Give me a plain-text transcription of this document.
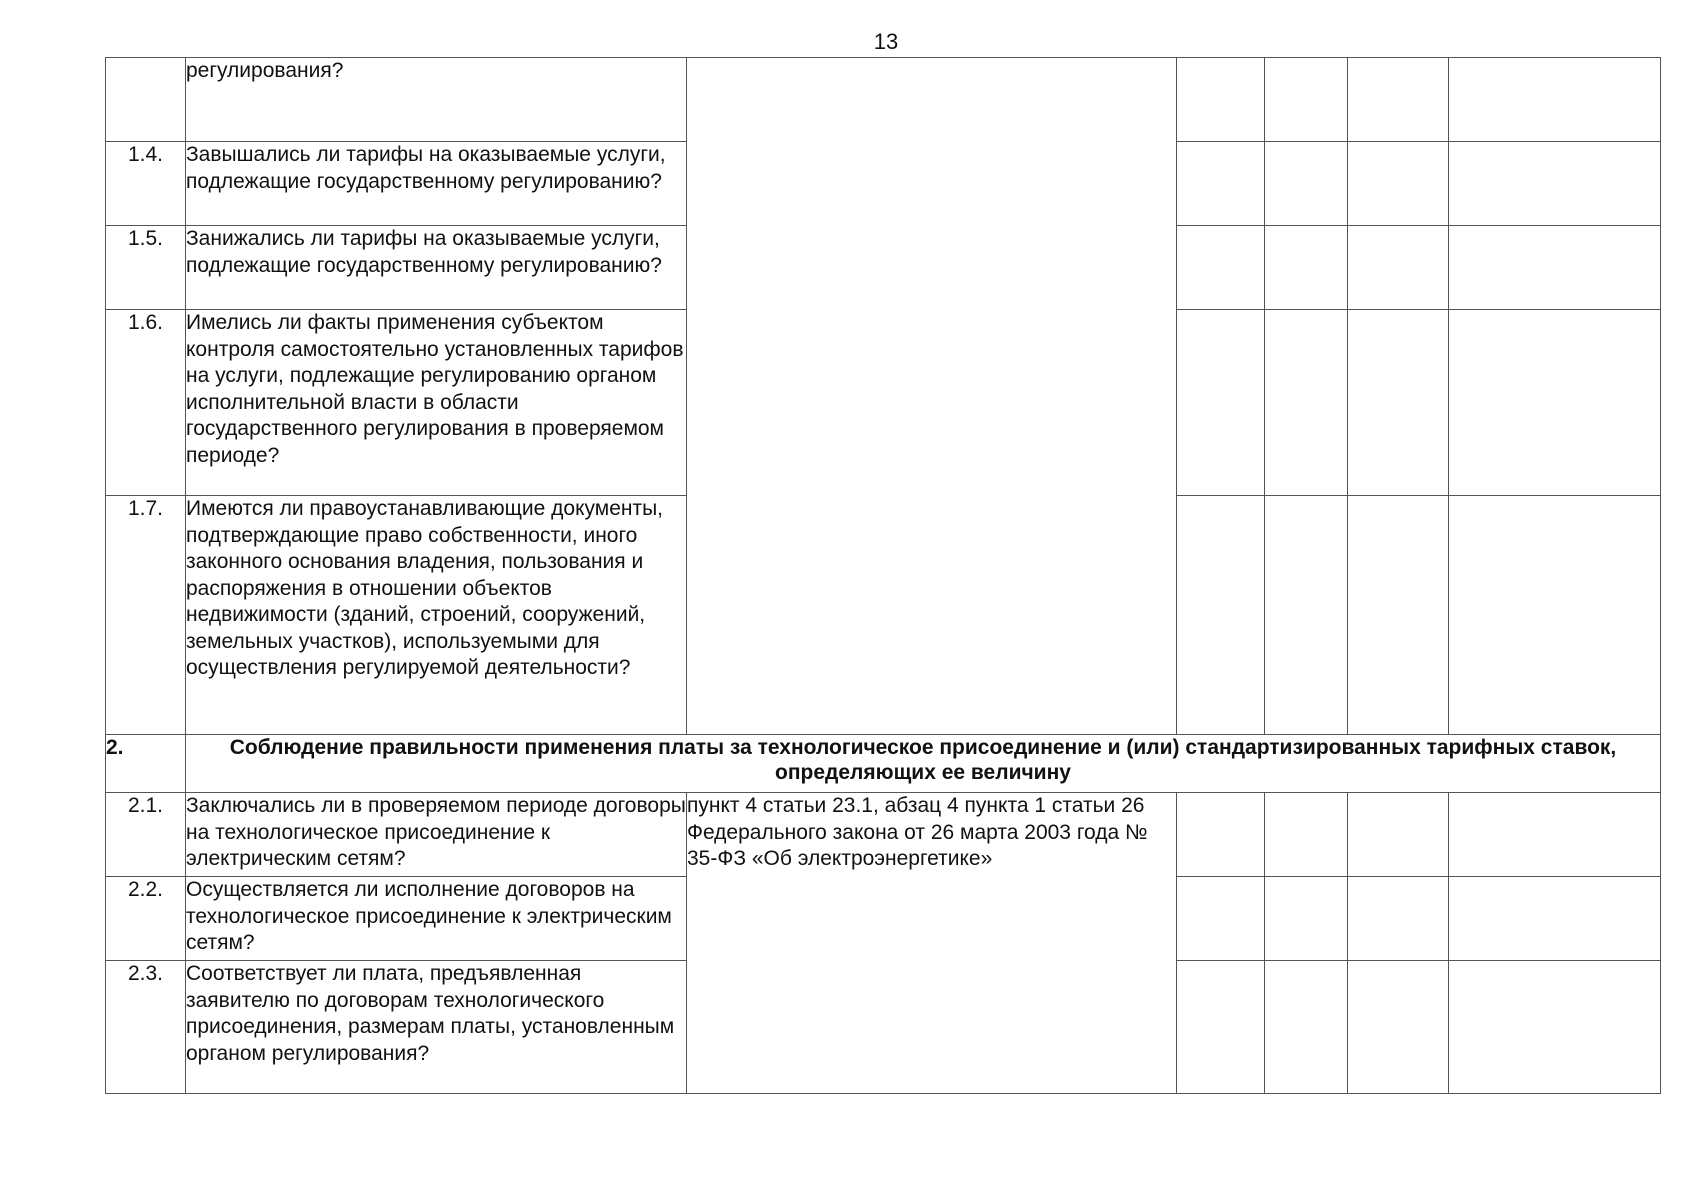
13
	регулирования?					
1.4.	Завышались ли тарифы на оказываемые услуги, подлежащие государственному регулированию?					
1.5.	Занижались ли тарифы на оказываемые услуги, подлежащие государственному регулированию?					
1.6.	Имелись ли факты применения субъектом контроля самостоятельно установленных тарифов на услуги, подлежащие регулированию органом исполнительной власти в области государственного регулирования в проверяемом периоде?					
1.7.	Имеются ли правоустанавливающие документы, подтверждающие право собственности, иного законного основания владения, пользования и распоряжения в отношении объектов недвижимости (зданий, строений, сооружений, земельных участков), используемыми для осуществления регулируемой деятельности?					
2.	Соблюдение правильности применения платы за технологическое присоединение и (или) стандартизированных тарифных ставок, определяющих ее величину					
2.1.	Заключались ли в проверяемом периоде договоры на технологическое присоединение к электрическим сетям?	пункт 4 статьи 23.1, абзац 4 пункта 1 статьи 26 Федерального закона от 26 марта 2003 года № 35-ФЗ «Об электроэнергетике»				
2.2.	Осуществляется ли исполнение договоров на технологическое присоединение к электрическим сетям?					
2.3.	Соответствует ли плата, предъявленная заявителю по договорам технологического присоединения, размерам платы, установленным органом регулирования?					
